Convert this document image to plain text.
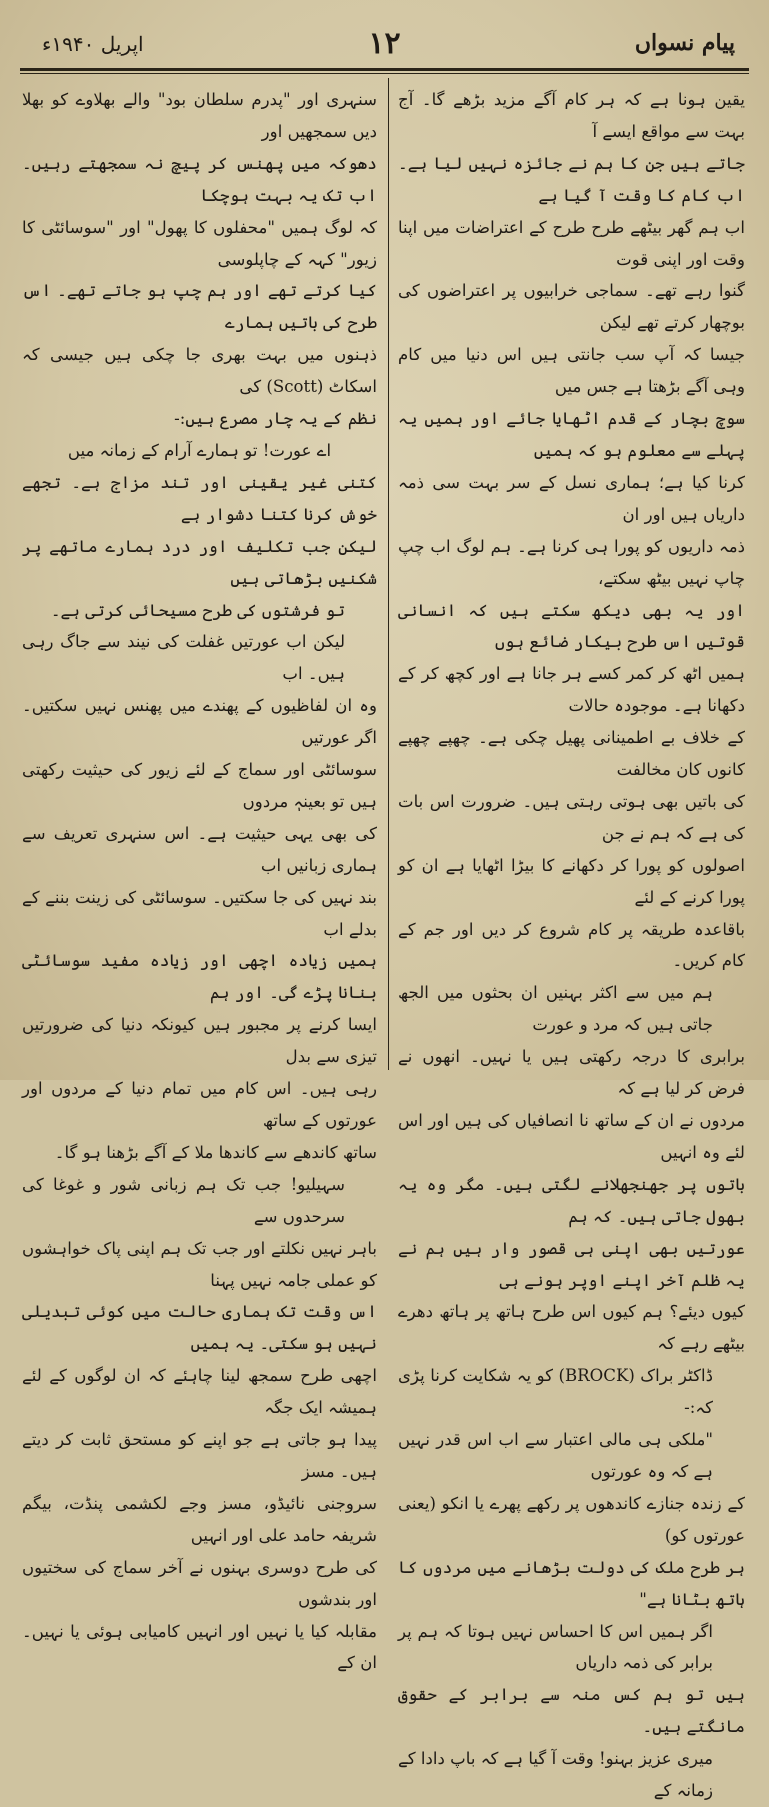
اپریل ۱۹۴۰ء	۱۲	پیام نسواں

یقین ہونا ہے کہ ہر کام آگے مزید بڑھے گا۔ آج بہت سے مواقع ایسے آ

جاتے ہیں جن کا ہم نے جائزہ نہیں لیا ہے۔ اب کام کا وقت آ گیا ہے

اب ہم گھر بیٹھے طرح طرح کے اعتراضات میں اپنا وقت اور اپنی قوت

گنوا رہے تھے۔ سماجی خرابیوں پر اعتراضوں کی بوچھار کرتے تھے لیکن

جیسا کہ آپ سب جانتی ہیں اس دنیا میں کام وہی آگے بڑھتا ہے جس میں

سوچ بچار کے قدم اٹھایا جائے اور ہمیں یہ پہلے سے معلوم ہو کہ ہمیں

کرنا کیا ہے؛ ہماری نسل کے سر بہت سی ذمہ داریاں ہیں اور ان

ذمہ داریوں کو پورا ہی کرنا ہے۔ ہم لوگ اب چپ چاپ نہیں بیٹھ سکتے،

اور یہ بھی دیکھ سکتے ہیں کہ انسانی قوتیں اس طرح بیکار ضائع ہوں

ہمیں اٹھ کر کمر کسے ہر جانا ہے اور کچھ کر کے دکھانا ہے۔ موجودہ حالات

کے خلاف بے اطمینانی پھیل چکی ہے۔ چھپے چھپے کانوں کان مخالفت

کی باتیں بھی ہوتی رہتی ہیں۔ ضرورت اس بات کی ہے کہ ہم نے جن

اصولوں کو پورا کر دکھانے کا بیڑا اٹھایا ہے ان کو پورا کرنے کے لئے

باقاعدہ طریقہ پر کام شروع کر دیں اور جم کے کام کریں۔

ہم میں سے اکثر بہنیں ان بحثوں میں الجھ جاتی ہیں کہ مرد و عورت

برابری کا درجہ رکھتی ہیں یا نہیں۔ انھوں نے فرض کر لیا ہے کہ

مردوں نے ان کے ساتھ نا انصافیاں کی ہیں اور اس لئے وہ انہیں

باتوں پر جھنجھلانے لگتی ہیں۔ مگر وہ یہ بھول جاتی ہیں۔ کہ ہم

عورتیں بھی اپنی ہی قصور وار ہیں ہم نے یہ ظلم آخر اپنے اوپر ہونے ہی

کیوں دیئے؟ ہم کیوں اس طرح ہاتھ پر ہاتھ دھرے بیٹھے رہے کہ

ڈاکٹر براک (BROCK) کو یہ شکایت کرنا پڑی کہ:-

"ملکی ہی مالی اعتبار سے اب اس قدر نہیں ہے کہ وہ عورتوں

کے زندہ جنازے کاندھوں پر رکھے پھرے یا انکو (یعنی عورتوں کو)

ہر طرح ملک کی دولت بڑھانے میں مردوں کا ہاتھ بٹانا ہے"

اگر ہمیں اس کا احساس نہیں ہوتا کہ ہم پر برابر کی ذمہ داریاں

ہیں تو ہم کس منہ سے برابر کے حقوق مانگتے ہیں۔

میری عزیز بہنو! وقت آ گیا ہے کہ باپ دادا کے زمانہ کے

سنہری اور "پدرم سلطان بود" والے بھلاوے کو بھلا دیں سمجھیں اور

دھوکہ میں پھنس کر پیچ نہ سمجھتے رہیں۔ اب تک یہ بہت ہوچکا

کہ لوگ ہمیں "محفلوں کا پھول" اور "سوسائٹی کا زیور" کہہ کے چاپلوسی

کیا کرتے تھے اور ہم چپ ہو جاتے تھے۔ اس طرح کی باتیں ہمارے

ذہنوں میں بہت بھری جا چکی ہیں جیسی کہ اسکاٹ (Scott) کی

نظم کے یہ چار مصرع ہیں:-

اے عورت! تو ہمارے آرام کے زمانہ میں

کتنی غیر یقینی اور تند مزاج ہے۔ تجھے خوش کرنا کتنا دشوار ہے

لیکن جب تکلیف اور درد ہمارے ماتھے پر شکنیں بڑھاتی ہیں

تو فرشتوں کی طرح مسیحائی کرتی ہے۔

لیکن اب عورتیں غفلت کی نیند سے جاگ رہی ہیں۔ اب

وہ ان لفاظیوں کے پھندے میں پھنس نہیں سکتیں۔ اگر عورتیں

سوسائٹی اور سماج کے لئے زیور کی حیثیت رکھتی ہیں تو بعینہٖ مردوں

کی بھی یہی حیثیت ہے۔ اس سنہری تعریف سے ہماری زبانیں اب

بند نہیں کی جا سکتیں۔ سوسائٹی کی زینت بننے کے بدلے اب

ہمیں زیادہ اچھی اور زیادہ مفید سوسائٹی بنانا پڑے گی۔ اور ہم

ایسا کرنے پر مجبور ہیں کیونکہ دنیا کی ضرورتیں تیزی سے بدل

رہی ہیں۔ اس کام میں تمام دنیا کے مردوں اور عورتوں کے ساتھ

ساتھ کاندھے سے کاندھا ملا کے آگے بڑھنا ہو گا۔

سہیلیو! جب تک ہم زبانی شور و غوغا کی سرحدوں سے

باہر نہیں نکلتے اور جب تک ہم اپنی پاک خواہشوں کو عملی جامہ نہیں پہنا

اس وقت تک ہماری حالت میں کوئی تبدیلی نہیں ہو سکتی۔ یہ ہمیں

اچھی طرح سمجھ لینا چاہئے کہ ان لوگوں کے لئے ہمیشہ ایک جگہ

پیدا ہو جاتی ہے جو اپنے کو مستحق ثابت کر دیتے ہیں۔ مسز

سروجنی نائیڈو، مسز وجے لکشمی پنڈت، بیگم شریفہ حامد علی اور انہیں

کی طرح دوسری بہنوں نے آخر سماج کی سختیوں اور بندشوں

مقابلہ کیا یا نہیں اور انہیں کامیابی ہوئی یا نہیں۔ ان کے
